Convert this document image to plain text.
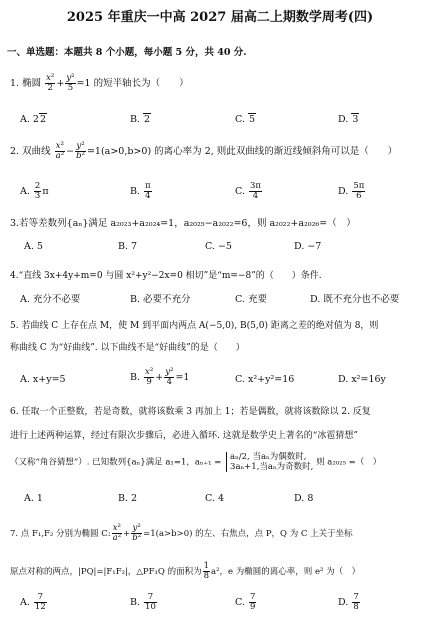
2025 年重庆一中高 2027 届高二上期数学周考(四)
一、单选题：本题共 8 个小题，每小题 5 分，共 40 分.
1. 椭圆 $\frac{\text{x²}}{2} + \frac{\text{y²}}{5} =1$ 的短半轴长为（　　）
A. 22	B. 2	C. 5	D. 3
2. 双曲线 $\frac{\text{x²}}{\text{a²}} - \frac{\text{y²}}{\text{b²}} =1(a>0,b>0)$ 的离心率为 2, 则此双曲线的渐近线倾斜角可以是（　　）
A. $\frac{2}{3}$ π	B. $\frac{\pi}{4}$	C. $\frac{3\pi}{4}$	D. $\frac{5\pi}{6}$
3.若等差数列{aₙ}满足 a₂₀₂₃+a₂₀₂₄=1，a₂₀₂₅−a₂₀₂₂=6，则 a₂₀₂₂+a₂₀₂₆=（　）
A. 5	B. 7	C. −5	D. −7
4.“直线 3x+4y+m=0 与圆 x²+y²−2x=0 相切”是“m=−8”的（　　）条件.
A. 充分不必要	B. 必要不充分	C. 充要	D. 既不充分也不必要
5. 若曲线 C 上存在点 M，使 M 到平面内两点 A(−5,0), B(5,0) 距离之差的绝对值为 8，则
称曲线 C 为“好曲线”. 以下曲线不是“好曲线”的是（　　）
A. x+y=5	B. $\frac{\text{x²}}{9} + \frac{\text{y²}}{4} =1$	C. x²+y²=16	D. x²=16y
6. 任取一个正整数，若是奇数，就将该数乘 3 再加上 1；若是偶数，就将该数除以 2. 反复
进行上述两种运算，经过有限次步骤后，必进入循环. 这就是数学史上著名的“冰雹猜想”
（又称“角谷猜想”）. 已知数列{aₙ}满足 a₁=1，aₙ₊₁ =
aₙ/2, 当aₙ为偶数时,
3aₙ+1,当aₙ为奇数时, 则 a₂₀₂₅ =（　）
A. 1	B. 2	C. 4	D. 8
7. 点 F₁,F₂ 分别为椭圆 C: $\frac{\text{x²}}{\text{a²}} + \frac{\text{y²}}{\text{b²}} =1(a>b>0)$ 的左、右焦点，点 P，Q 为 C 上关于坐标
原点对称的两点，|PQ|=|F₁F₂|，△PF₁Q 的面积为 $\frac{1}{8} a^2$，e 为椭圆的离心率，则 e² 为（　）
A. $\frac{7}{12}$	B. $\frac{7}{10}$	C. $\frac{7}{9}$	D. $\frac{7}{8}$
